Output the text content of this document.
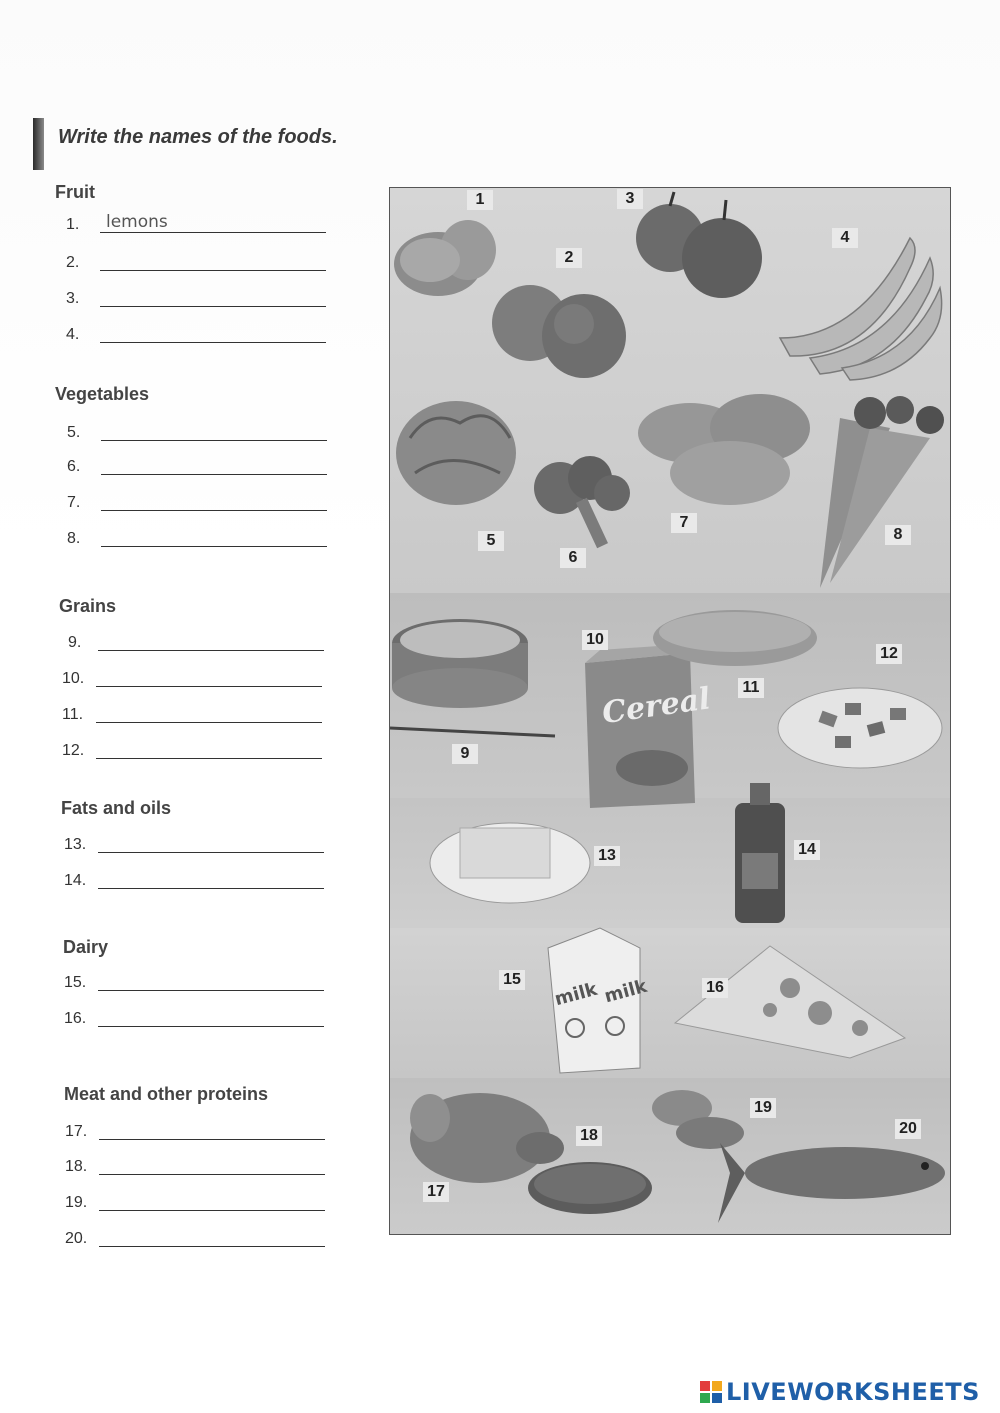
Write the names of the foods.
Fruit
1. lemons
2.
3.
4.
Vegetables
5.
6.
7.
8.
Grains
9.
10.
11.
12.
Fats and oils
13.
14.
Dairy
15.
16.
Meat and other proteins
17.
18.
19.
20.
Cereal
milk milk
1
2
3
4
5
6
7
8
9
10
11
12
13	14
15	16
17
18
19
20
LIVEWORKSHEETS
